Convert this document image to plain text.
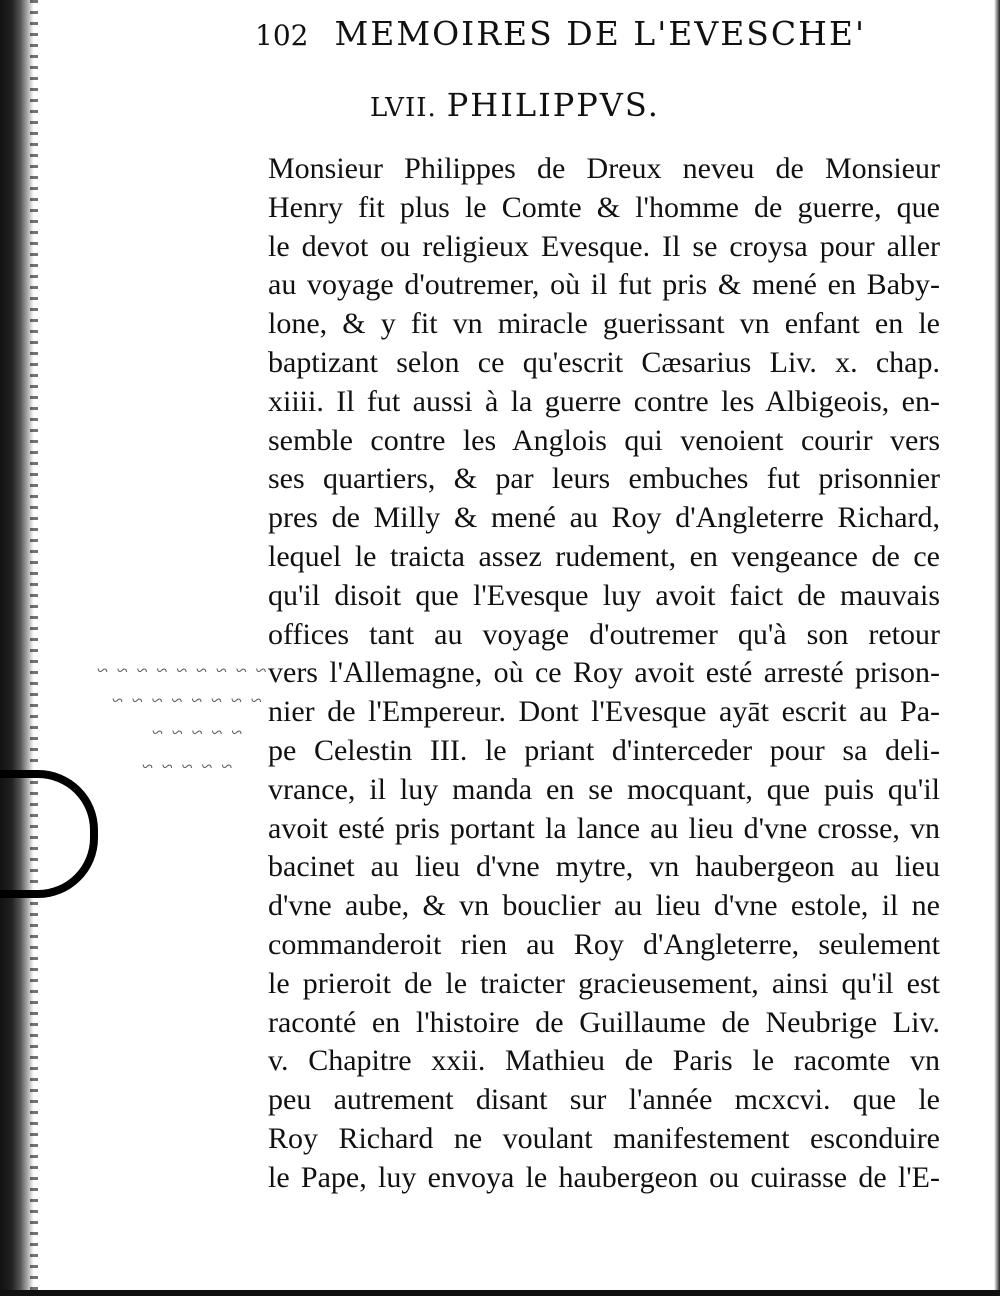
~ ~ ~ ~ ~ ~ ~ ~ ~
~ ~ ~ ~ ~ ~ ~ ~
~ ~ ~ ~ ~
~ ~ ~ ~ ~
102 MEMOIRES DE L'EVESCHE'
LVII. PHILIPPVS.
Monsieur Philippes de Dreux neveu de Monsieur
Henry fit plus le Comte & l'homme de guerre, que
le devot ou religieux Evesque. Il se croysa pour aller
au voyage d'outremer, où il fut pris & mené en Baby-
lone, & y fit vn miracle guerissant vn enfant en le
baptizant selon ce qu'escrit Cæsarius Liv. x. chap.
xiiii. Il fut aussi à la guerre contre les Albigeois, en-
semble contre les Anglois qui venoient courir vers
ses quartiers, & par leurs embuches fut prisonnier
pres de Milly & mené au Roy d'Angleterre Richard,
lequel le traicta assez rudement, en vengeance de ce
qu'il disoit que l'Evesque luy avoit faict de mauvais
offices tant au voyage d'outremer qu'à son retour
vers l'Allemagne, où ce Roy avoit esté arresté prison-
nier de l'Empereur. Dont l'Evesque ayāt escrit au Pa-
pe Celestin III. le priant d'interceder pour sa deli-
vrance, il luy manda en se mocquant, que puis qu'il
avoit esté pris portant la lance au lieu d'vne crosse, vn
bacinet au lieu d'vne mytre, vn haubergeon au lieu
d'vne aube, & vn bouclier au lieu d'vne estole, il ne
commanderoit rien au Roy d'Angleterre, seulement
le prieroit de le traicter gracieusement, ainsi qu'il est
raconté en l'histoire de Guillaume de Neubrige Liv.
v. Chapitre xxii. Mathieu de Paris le racomte vn
peu autrement disant sur l'année mcxcvi. que le
Roy Richard ne voulant manifestement esconduire
le Pape, luy envoya le haubergeon ou cuirasse de l'E-
